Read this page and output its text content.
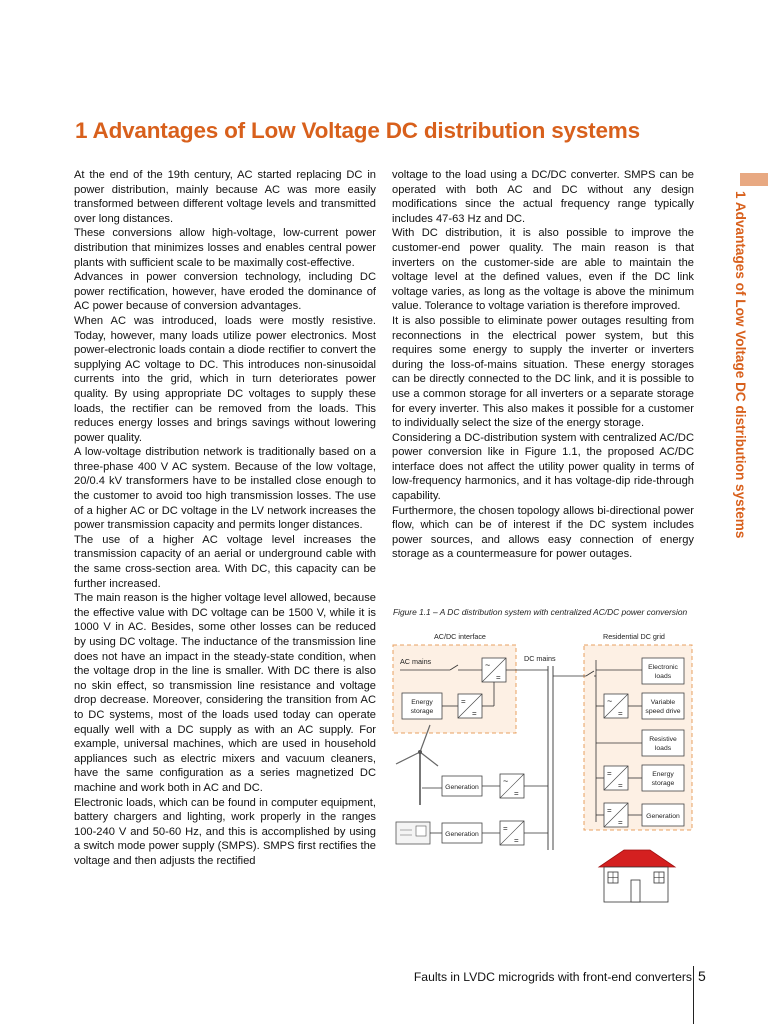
1 Advantages of Low Voltage DC distribution systems
1 Advantages of Low Voltage DC distribution systems

At the end of the 19th century, AC started replacing DC in power distribution, mainly because AC was more easily transformed between different voltage levels and transmitted over long distances.

These conversions allow high-voltage, low-current power distribution that minimizes losses and enables central power plants with sufficient scale to be maximally cost-effective.

Advances in power conversion technology, including DC power rectification, however, have eroded the dominance of AC power because of conversion advantages.

When AC was introduced, loads were mostly resistive. Today, however, many loads utilize power electronics. Most power-electronic loads contain a diode rectifier to convert the supplying AC voltage to DC. This introduces non-sinusoidal currents into the grid, which in turn deteriorates power quality. By using appropriate DC voltages to supply these loads, the rectifier can be removed from the loads. This reduces energy losses and brings savings without lowering power quality.

A low-voltage distribution network is traditionally based on a three-phase 400 V AC system. Because of the low voltage, 20/0.4 kV transformers have to be installed close enough to the customer to avoid too high transmission losses. The use of a higher AC or DC voltage in the LV network increases the power transmission capacity and permits longer distances.

The use of a higher AC voltage level increases the transmission capacity of an aerial or underground cable with the same cross-section area. With DC, this capacity can be further increased.

The main reason is the higher voltage level allowed, because the effective value with DC voltage can be 1500 V, while it is 1000 V in AC. Besides, some other losses can be reduced by using DC voltage. The inductance of the transmission line does not have an impact in the steady-state condition, when the voltage drop in the line is smaller. With DC there is also no skin effect, so transmission line resistance and voltage drop decrease. Moreover, considering the transition from AC to DC systems, most of the loads used today can operate equally well with a DC supply as with an AC supply. For example, universal machines, which are used in household appliances such as electric mixers and vacuum cleaners, have the same configuration as a series magnetized DC machine and work both in AC and DC.

Electronic loads, which can be found in computer equipment, battery chargers and lighting, work properly in the ranges 100-240 V and 50-60 Hz, and this is accomplished by using a switch mode power supply (SMPS). SMPS first rectifies the voltage and then adjusts the rectified

voltage to the load using a DC/DC converter. SMPS can be operated with both AC and DC without any design modifications since the actual frequency range typically includes 47-63 Hz and DC.

With DC distribution, it is also possible to improve the customer-end power quality. The main reason is that inverters on the customer-side are able to maintain the voltage level at the defined values, even if the DC link voltage varies, as long as the voltage is above the minimum value. Tolerance to voltage variation is therefore improved.

It is also possible to eliminate power outages resulting from reconnections in the electrical power system, but this requires some energy to supply the inverter or inverters during the loss-of-mains situation. These energy storages can be directly connected to the DC link, and it is possible to use a common storage for all inverters or a separate storage for every inverter. This also makes it possible for a customer to individually select the size of the energy storage.

Considering a DC-distribution system with centralized AC/DC power conversion like in Figure 1.1, the proposed AC/DC interface does not affect the utility power quality in terms of low-frequency harmonics, and it has voltage-dip ride-through capability.

Furthermore, the chosen topology allows bi-directional power flow, which can be of interest if the DC system includes power sources, and allows easy connection of energy storage as a countermeasure for power outages.

Figure 1.1 – A DC distribution system with centralized AC/DC power conversion

AC/DC interface	Residential DC grid
AC mains	~
=
DC mains
Energy
storage
=
=
Generation
~
=
Generation
=
=
Electronic
loads
~
=
Variable
speed drive
Resistive
loads
=
=
Energy
storage
=
=
Generation
Faults in LVDC microgrids with front-end converters 5
